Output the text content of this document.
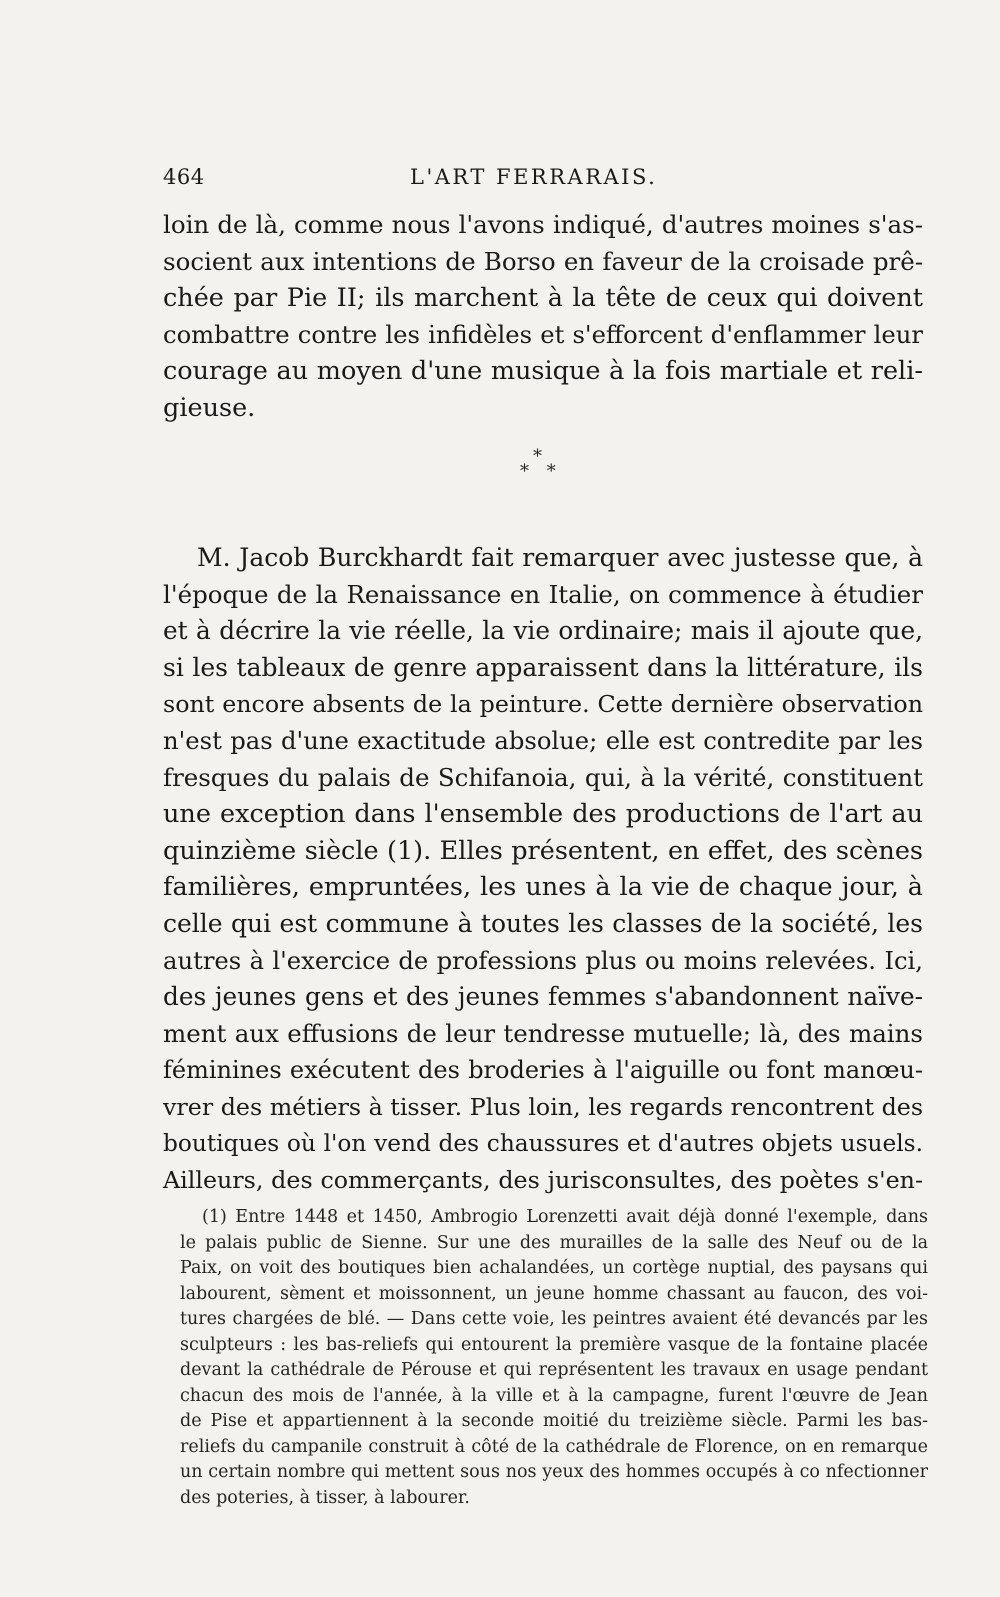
464	L'ART FERRARAIS.
loin de là, comme nous l'avons indiqué, d'autres moines s'as-
socient aux intentions de Borso en faveur de la croisade prê-
chée par Pie II; ils marchent à la tête de ceux qui doivent
combattre contre les infidèles et s'efforcent d'enflammer leur
courage au moyen d'une musique à la fois martiale et reli-
gieuse.
*
* *
M. Jacob Burckhardt fait remarquer avec justesse que, à
l'époque de la Renaissance en Italie, on commence à étudier
et à décrire la vie réelle, la vie ordinaire; mais il ajoute que,
si les tableaux de genre apparaissent dans la littérature, ils
sont encore absents de la peinture. Cette dernière observation
n'est pas d'une exactitude absolue; elle est contredite par les
fresques du palais de Schifanoia, qui, à la vérité, constituent
une exception dans l'ensemble des productions de l'art au
quinzième siècle (1). Elles présentent, en effet, des scènes
familières, empruntées, les unes à la vie de chaque jour, à
celle qui est commune à toutes les classes de la société, les
autres à l'exercice de professions plus ou moins relevées. Ici,
des jeunes gens et des jeunes femmes s'abandonnent naïve-
ment aux effusions de leur tendresse mutuelle; là, des mains
féminines exécutent des broderies à l'aiguille ou font manœu-
vrer des métiers à tisser. Plus loin, les regards rencontrent des
boutiques où l'on vend des chaussures et d'autres objets usuels.
Ailleurs, des commerçants, des jurisconsultes, des poètes s'en-
(1) Entre 1448 et 1450, Ambrogio Lorenzetti avait déjà donné l'exemple, dans
le palais public de Sienne. Sur une des murailles de la salle des Neuf ou de la
Paix, on voit des boutiques bien achalandées, un cortège nuptial, des paysans qui
labourent, sèment et moissonnent, un jeune homme chassant au faucon, des voi-
tures chargées de blé. — Dans cette voie, les peintres avaient été devancés par les
sculpteurs : les bas-reliefs qui entourent la première vasque de la fontaine placée
devant la cathédrale de Pérouse et qui représentent les travaux en usage pendant
chacun des mois de l'année, à la ville et à la campagne, furent l'œuvre de Jean
de Pise et appartiennent à la seconde moitié du treizième siècle. Parmi les bas-
reliefs du campanile construit à côté de la cathédrale de Florence, on en remarque
un certain nombre qui mettent sous nos yeux des hommes occupés à co nfectionner
des poteries, à tisser, à labourer.
